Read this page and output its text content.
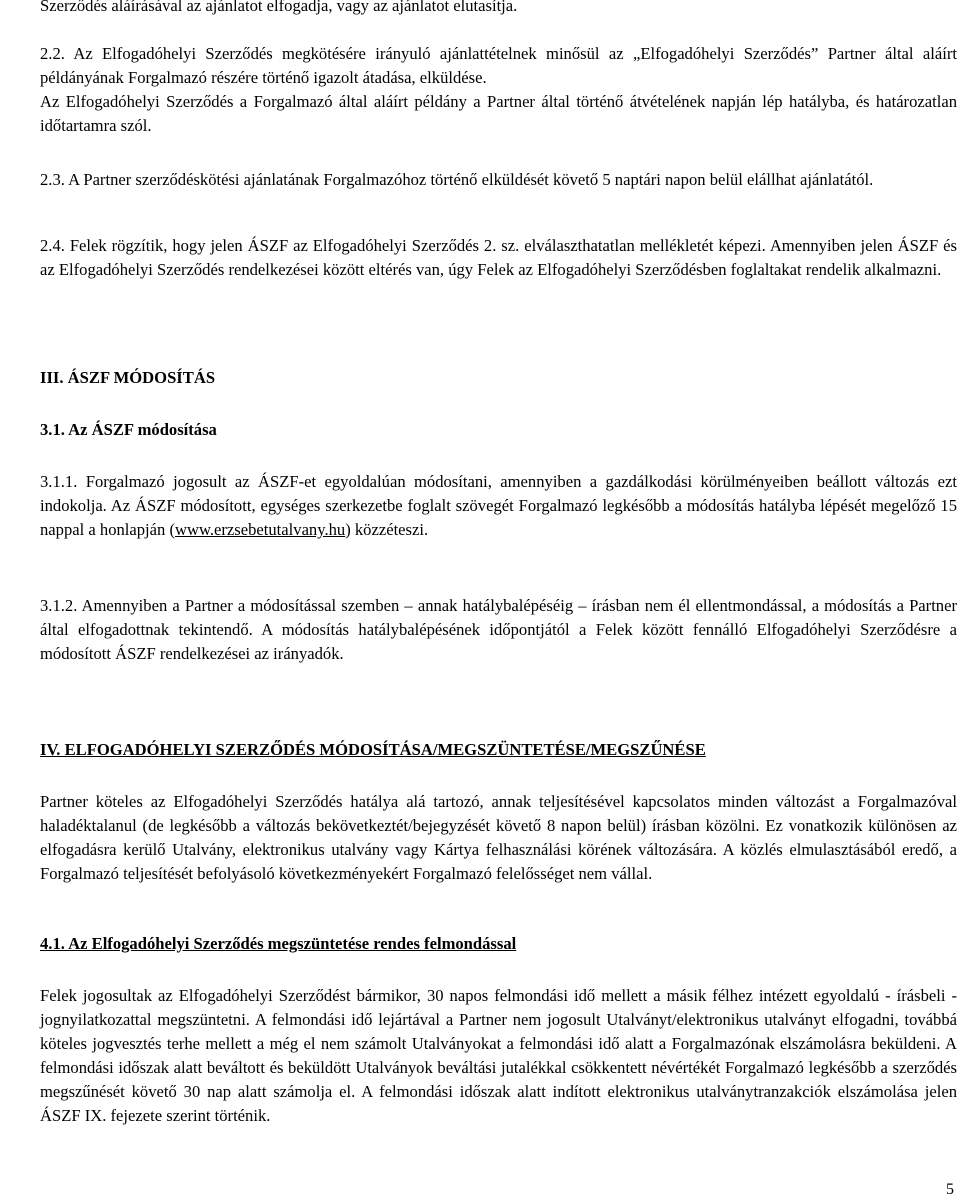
Szerződés aláírásával az ajánlatot elfogadja, vagy az ajánlatot elutasítja.

2.2. Az Elfogadóhelyi Szerződés megkötésére irányuló ajánlattételnek minősül az „Elfogadóhelyi Szerződés” Partner által aláírt példányának Forgalmazó részére történő igazolt átadása, elküldése.

Az Elfogadóhelyi Szerződés a Forgalmazó által aláírt példány a Partner által történő átvételének napján lép hatályba, és határozatlan időtartamra szól.

2.3. A Partner szerződéskötési ajánlatának Forgalmazóhoz történő elküldését követő 5 naptári napon belül elállhat ajánlatától.

2.4. Felek rögzítik, hogy jelen ÁSZF az Elfogadóhelyi Szerződés 2. sz. elválaszthatatlan mellékletét képezi. Amennyiben jelen ÁSZF és az Elfogadóhelyi Szerződés rendelkezései között eltérés van, úgy Felek az Elfogadóhelyi Szerződésben foglaltakat rendelik alkalmazni.

III. ÁSZF MÓDOSÍTÁS

3.1. Az ÁSZF módosítása

3.1.1. Forgalmazó jogosult az ÁSZF-et egyoldalúan módosítani, amennyiben a gazdálkodási körülményeiben beállott változás ezt indokolja. Az ÁSZF módosított, egységes szerkezetbe foglalt szövegét Forgalmazó legkésőbb a módosítás hatályba lépését megelőző 15 nappal a honlapján (www.erzsebetutalvany.hu) közzéteszi.

3.1.2. Amennyiben a Partner a módosítással szemben – annak hatálybalépéséig – írásban nem él ellentmondással, a módosítás a Partner által elfogadottnak tekintendő. A módosítás hatálybalépésének időpontjától a Felek között fennálló Elfogadóhelyi Szerződésre a módosított ÁSZF rendelkezései az irányadók.

IV. ELFOGADÓHELYI SZERZŐDÉS MÓDOSÍTÁSA/MEGSZÜNTETÉSE/MEGSZŰNÉSE

Partner köteles az Elfogadóhelyi Szerződés hatálya alá tartozó, annak teljesítésével kapcsolatos minden változást a Forgalmazóval haladéktalanul (de legkésőbb a változás bekövetkeztét/bejegyzését követő 8 napon belül) írásban közölni. Ez vonatkozik különösen az elfogadásra kerülő Utalvány, elektronikus utalvány vagy Kártya felhasználási körének változására. A közlés elmulasztásából eredő, a Forgalmazó teljesítését befolyásoló következményekért Forgalmazó felelősséget nem vállal.

4.1. Az Elfogadóhelyi Szerződés megszüntetése rendes felmondással

Felek jogosultak az Elfogadóhelyi Szerződést bármikor, 30 napos felmondási idő mellett a másik félhez intézett egyoldalú - írásbeli - jognyilatkozattal megszüntetni. A felmondási idő lejártával a Partner nem jogosult Utalványt/elektronikus utalványt elfogadni, továbbá köteles jogvesztés terhe mellett a még el nem számolt Utalványokat a felmondási idő alatt a Forgalmazónak elszámolásra beküldeni. A felmondási időszak alatt beváltott és beküldött Utalványok beváltási jutalékkal csökkentett névértékét Forgalmazó legkésőbb a szerződés megszűnését követő 30 nap alatt számolja el. A felmondási időszak alatt indított elektronikus utalványtranzakciók elszámolása jelen ÁSZF IX. fejezete szerint történik.

5
